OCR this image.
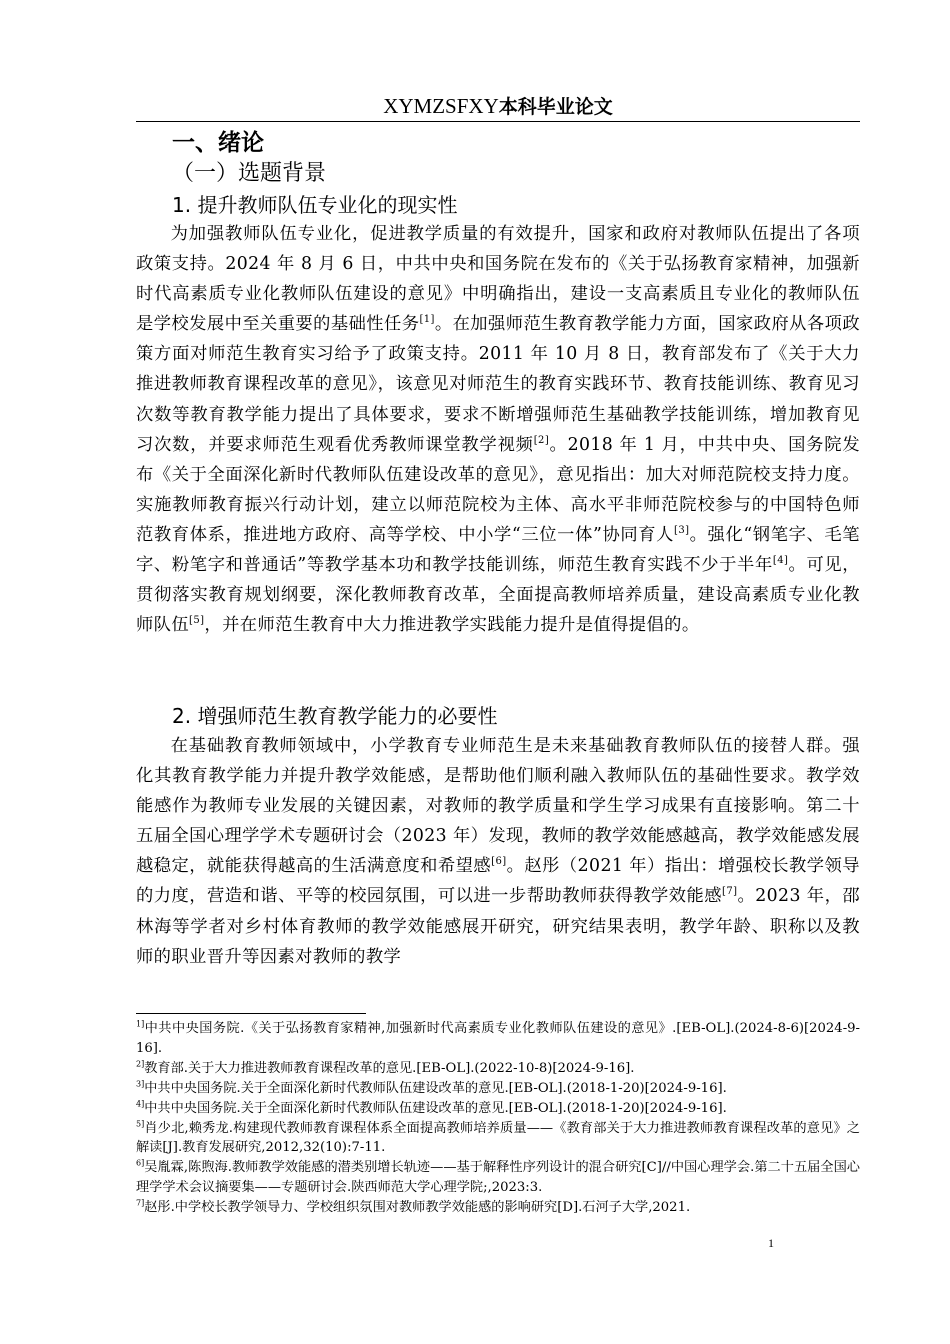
XYMZSFXY本科毕业论文
一、绪论
（一）选题背景
1. 提升教师队伍专业化的现实性

为加强教师队伍专业化，促进教学质量的有效提升，国家和政府对教师队伍提出了各项政策支持。2024 年 8 月 6 日，中共中央和国务院在发布的《关于弘扬教育家精神，加强新时代高素质专业化教师队伍建设的意见》中明确指出，建设一支高素质且专业化的教师队伍是学校发展中至关重要的基础性任务[1]。在加强师范生教育教学能力方面，国家政府从各项政策方面对师范生教育实习给予了政策支持。2011 年 10 月 8 日，教育部发布了《关于大力推进教师教育课程改革的意见》，该意见对师范生的教育实践环节、教育技能训练、教育见习次数等教育教学能力提出了具体要求，要求不断增强师范生基础教学技能训练，增加教育见习次数，并要求师范生观看优秀教师课堂教学视频[2]。2018 年 1 月，中共中央、国务院发布《关于全面深化新时代教师队伍建设改革的意见》，意见指出：加大对师范院校支持力度。实施教师教育振兴行动计划，建立以师范院校为主体、高水平非师范院校参与的中国特色师范教育体系，推进地方政府、高等学校、中小学“三位一体”协同育人[3]。强化“钢笔字、毛笔字、粉笔字和普通话”等教学基本功和教学技能训练，师范生教育实践不少于半年[4]。可见，贯彻落实教育规划纲要，深化教师教育改革，全面提高教师培养质量，建设高素质专业化教师队伍[5]，并在师范生教育中大力推进教学实践能力提升是值得提倡的。

2. 增强师范生教育教学能力的必要性

在基础教育教师领域中，小学教育专业师范生是未来基础教育教师队伍的接替人群。强化其教育教学能力并提升教学效能感，是帮助他们顺利融入教师队伍的基础性要求。教学效能感作为教师专业发展的关键因素，对教师的教学质量和学生学习成果有直接影响。第二十五届全国心理学学术专题研讨会（2023 年）发现，教师的教学效能感越高，教学效能感发展越稳定，就能获得越高的生活满意度和希望感[6]。赵彤（2021 年）指出：增强校长教学领导的力度，营造和谐、平等的校园氛围，可以进一步帮助教师获得教学效能感[7]。2023 年，邵林海等学者对乡村体育教师的教学效能感展开研究，研究结果表明，教学年龄、职称以及教师的职业晋升等因素对教师的教学

$^{1]}$中共中央国务院.《关于弘扬教育家精神,加强新时代高素质专业化教师队伍建设的意见》.[EB-OL].(2024-8-6)[2024-9-16].

$^{2]}$教育部.关于大力推进教师教育课程改革的意见.[EB-OL].(2022-10-8)[2024-9-16].

$^{3]}$中共中央国务院.关于全面深化新时代教师队伍建设改革的意见.[EB-OL].(2018-1-20)[2024-9-16].

$^{4]}$中共中央国务院.关于全面深化新时代教师队伍建设改革的意见.[EB-OL].(2018-1-20)[2024-9-16].

$^{5]}$肖少北,赖秀龙.构建现代教师教育课程体系全面提高教师培养质量——《教育部关于大力推进教师教育课程改革的意见》之解读[J].教育发展研究,2012,32(10):7-11.

$^{6]}$吴胤霖,陈煦海.教师教学效能感的潜类别增长轨迹——基于解释性序列设计的混合研究[C]//中国心理学会.第二十五届全国心理学学术会议摘要集——专题研讨会.陕西师范大学心理学院;,2023:3.

$^{7]}$赵彤.中学校长教学领导力、学校组织氛围对教师教学效能感的影响研究[D].石河子大学,2021.

1
